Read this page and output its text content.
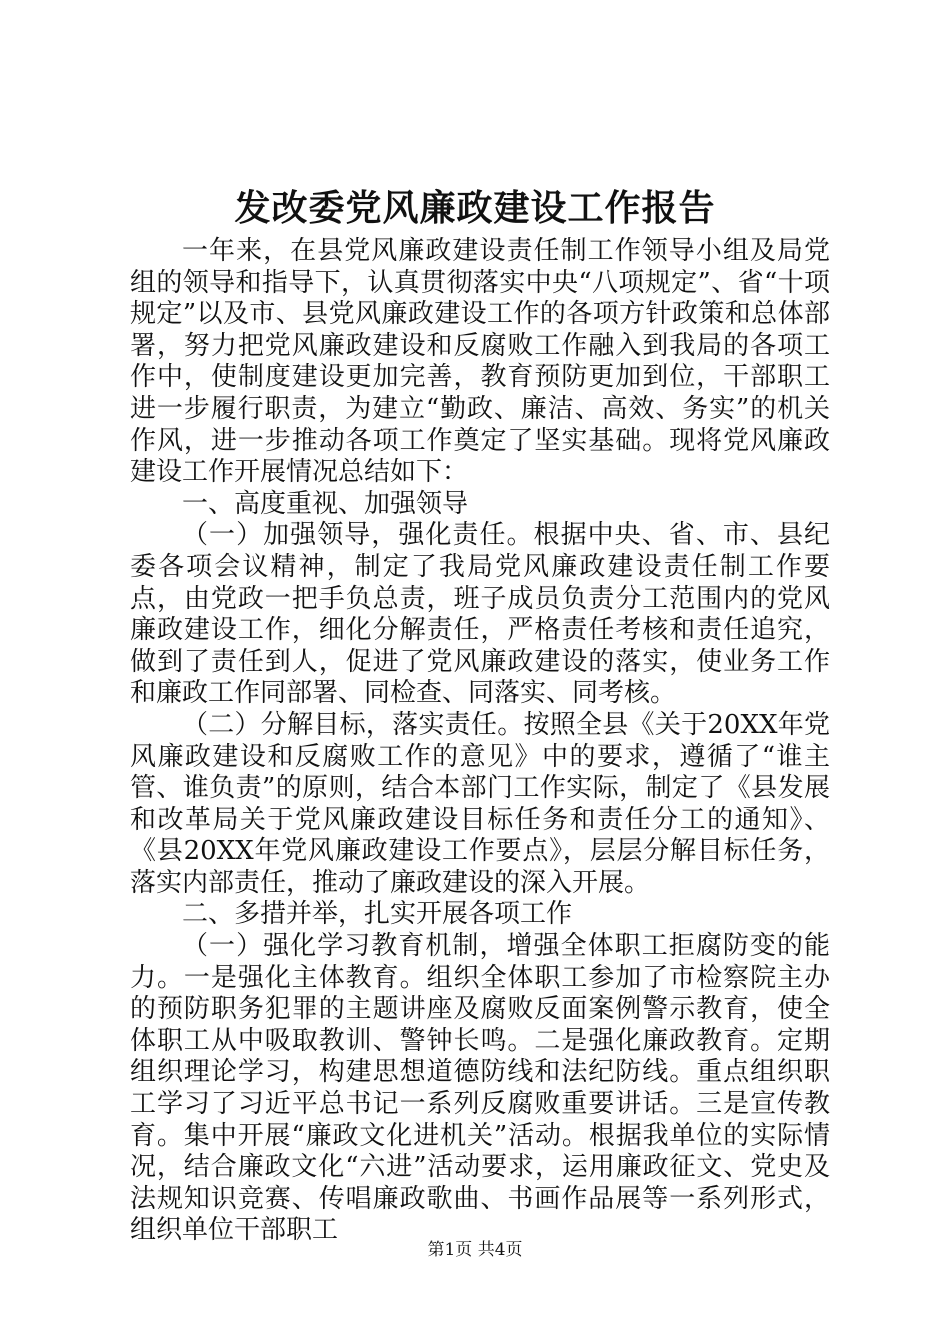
发改委党风廉政建设工作报告

一年来，在县党风廉政建设责任制工作领导小组及局党组的领导和指导下，认真贯彻落实中央“八项规定”、省“十项规定”以及市、县党风廉政建设工作的各项方针政策和总体部署，努力把党风廉政建设和反腐败工作融入到我局的各项工作中，使制度建设更加完善，教育预防更加到位，干部职工进一步履行职责，为建立“勤政、廉洁、高效、务实”的机关作风，进一步推动各项工作奠定了坚实基础。现将党风廉政建设工作开展情况总结如下：

一、高度重视、加强领导

（一）加强领导，强化责任。根据中央、省、市、县纪委各项会议精神，制定了我局党风廉政建设责任制工作要点，由党政一把手负总责，班子成员负责分工范围内的党风廉政建设工作，细化分解责任，严格责任考核和责任追究，做到了责任到人，促进了党风廉政建设的落实，使业务工作和廉政工作同部署、同检查、同落实、同考核。

（二）分解目标，落实责任。按照全县《关于20XX年党风廉政建设和反腐败工作的意见》中的要求，遵循了“谁主管、谁负责”的原则，结合本部门工作实际，制定了《县发展和改革局关于党风廉政建设目标任务和责任分工的通知》、《县20XX年党风廉政建设工作要点》，层层分解目标任务，落实内部责任，推动了廉政建设的深入开展。

二、多措并举，扎实开展各项工作

（一）强化学习教育机制，增强全体职工拒腐防变的能力。一是强化主体教育。组织全体职工参加了市检察院主办的预防职务犯罪的主题讲座及腐败反面案例警示教育，使全体职工从中吸取教训、警钟长鸣。二是强化廉政教育。定期组织理论学习，构建思想道德防线和法纪防线。重点组织职工学习了习近平总书记一系列反腐败重要讲话。三是宣传教育。集中开展“廉政文化进机关”活动。根据我单位的实际情况，结合廉政文化“六进”活动要求，运用廉政征文、党史及法规知识竞赛、传唱廉政歌曲、书画作品展等一系列形式，组织单位干部职工

第1页 共4页
